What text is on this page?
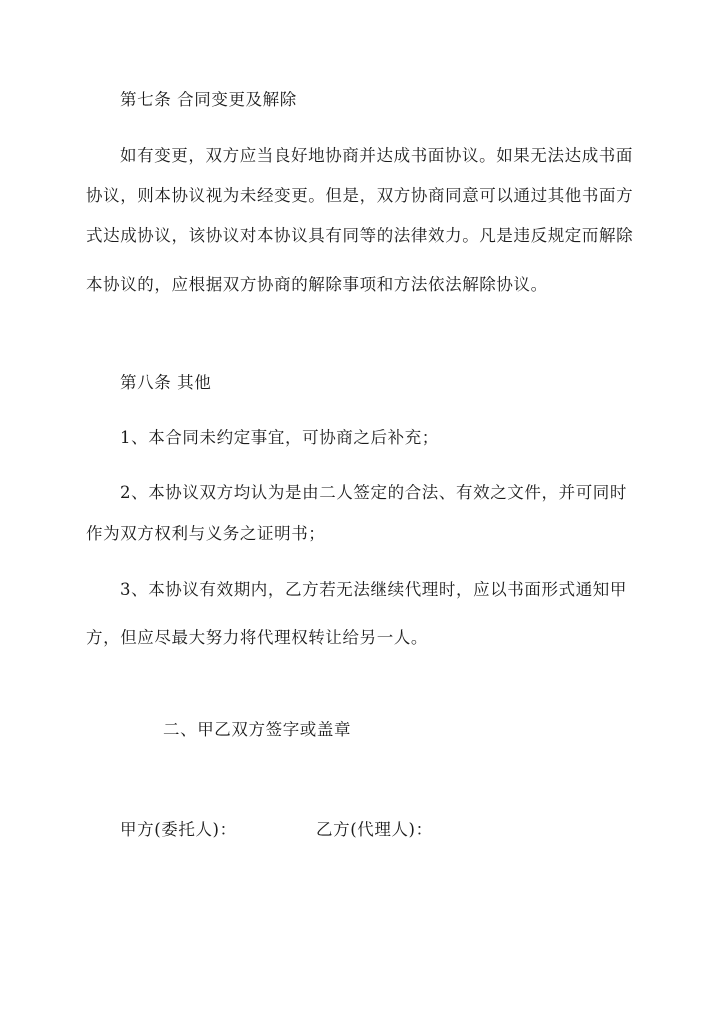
第七条 合同变更及解除
如有变更，双方应当良好地协商并达成书面协议。如果无法达成书面
协议，则本协议视为未经变更。但是，双方协商同意可以通过其他书面方
式达成协议，该协议对本协议具有同等的法律效力。凡是违反规定而解除
本协议的，应根据双方协商的解除事项和方法依法解除协议。
第八条 其他
1、本合同未约定事宜，可协商之后补充；
2、本协议双方均认为是由二人签定的合法、有效之文件，并可同时
作为双方权利与义务之证明书；
3、本协议有效期内，乙方若无法继续代理时，应以书面形式通知甲
方，但应尽最大努力将代理权转让给另一人。
二、甲乙双方签字或盖章
甲方(委托人)：	乙方(代理人)：
